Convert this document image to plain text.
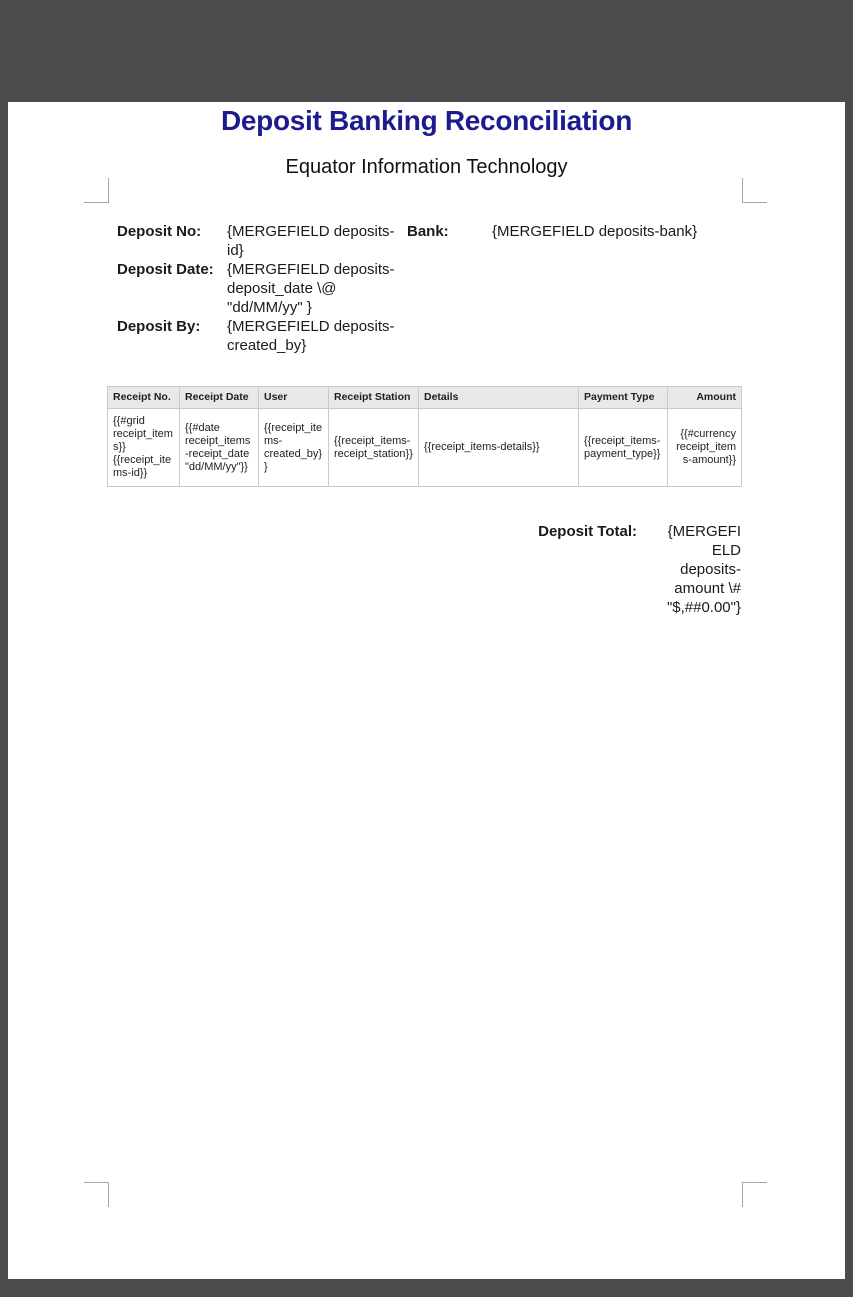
Deposit Banking Reconciliation
Equator Information Technology
Deposit No:	{MERGEFIELD deposits-id}
Bank:	{MERGEFIELD deposits-bank}
Deposit Date: {MERGEFIELD deposits-deposit_date \@ "dd/MM/yy" }
Deposit By:	{MERGEFIELD deposits-created_by}
Receipt No.	Receipt Date	User	Receipt Station	Details	Payment Type	Amount
{{#grid receipt_items}}{{receipt_items-id}}	{{#date receipt_items-receipt_date "dd/MM/yy"}}	{{receipt_items-created_by}}	{{receipt_items-receipt_station}}	{{receipt_items-details}}	{{receipt_items-payment_type}}	{{#currency receipt_items-amount}}
Deposit Total:	{MERGEFIELD deposits-amount \# "$,##0.00"}
